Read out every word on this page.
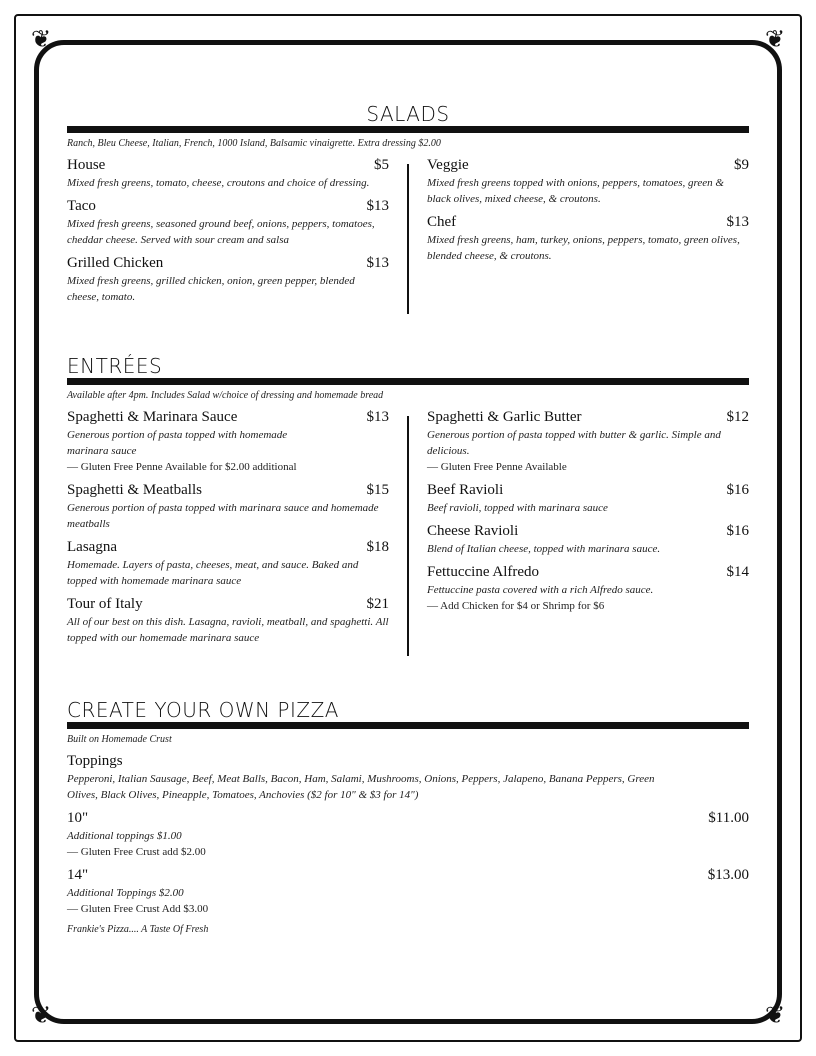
❦	❦
❦	❦
SALADS
Ranch, Bleu Cheese, Italian, French, 1000 Island, Balsamic vinaigrette. Extra dressing $2.00
House	$5
Mixed fresh greens, tomato, cheese, croutons and choice of dressing.
Taco	$13
Mixed fresh greens, seasoned ground beef, onions, peppers, tomatoes, cheddar cheese. Served with sour cream and salsa
Grilled Chicken	$13
Mixed fresh greens, grilled chicken, onion, green pepper, blended cheese, tomato.
Veggie	$9
Mixed fresh greens topped with onions, peppers, tomatoes, green & black olives, mixed cheese, & croutons.
Chef	$13
Mixed fresh greens, ham, turkey, onions, peppers, tomato, green olives, blended cheese, & croutons.
ENTRÉES
Available after 4pm. Includes Salad w/choice of dressing and homemade bread
Spaghetti & Marinara Sauce	$13
Generous portion of pasta topped with homemade marinara sauce
— Gluten Free Penne Available for $2.00 additional
Spaghetti & Meatballs	$15
Generous portion of pasta topped with marinara sauce and homemade meatballs
Lasagna	$18
Homemade. Layers of pasta, cheeses, meat, and sauce. Baked and topped with homemade marinara sauce
Tour of Italy	$21
All of our best on this dish. Lasagna, ravioli, meatball, and spaghetti. All topped with our homemade marinara sauce
Spaghetti & Garlic Butter	$12
Generous portion of pasta topped with butter & garlic. Simple and delicious.
— Gluten Free Penne Available
Beef Ravioli	$16
Beef ravioli, topped with marinara sauce
Cheese Ravioli	$16
Blend of Italian cheese, topped with marinara sauce.
Fettuccine Alfredo	$14
Fettuccine pasta covered with a rich Alfredo sauce.
— Add Chicken for $4 or Shrimp for $6
CREATE YOUR OWN PIZZA
Built on Homemade Crust
Toppings
Pepperoni, Italian Sausage, Beef, Meat Balls, Bacon, Ham, Salami, Mushrooms, Onions, Peppers, Jalapeno, Banana Peppers, Green Olives, Black Olives, Pineapple, Tomatoes, Anchovies ($2 for 10" & $3 for 14")
10"	$11.00
Additional toppings $1.00
— Gluten Free Crust add $2.00
14"	$13.00
Additional Toppings $2.00
— Gluten Free Crust Add $3.00
Frankie's Pizza.... A Taste Of Fresh
